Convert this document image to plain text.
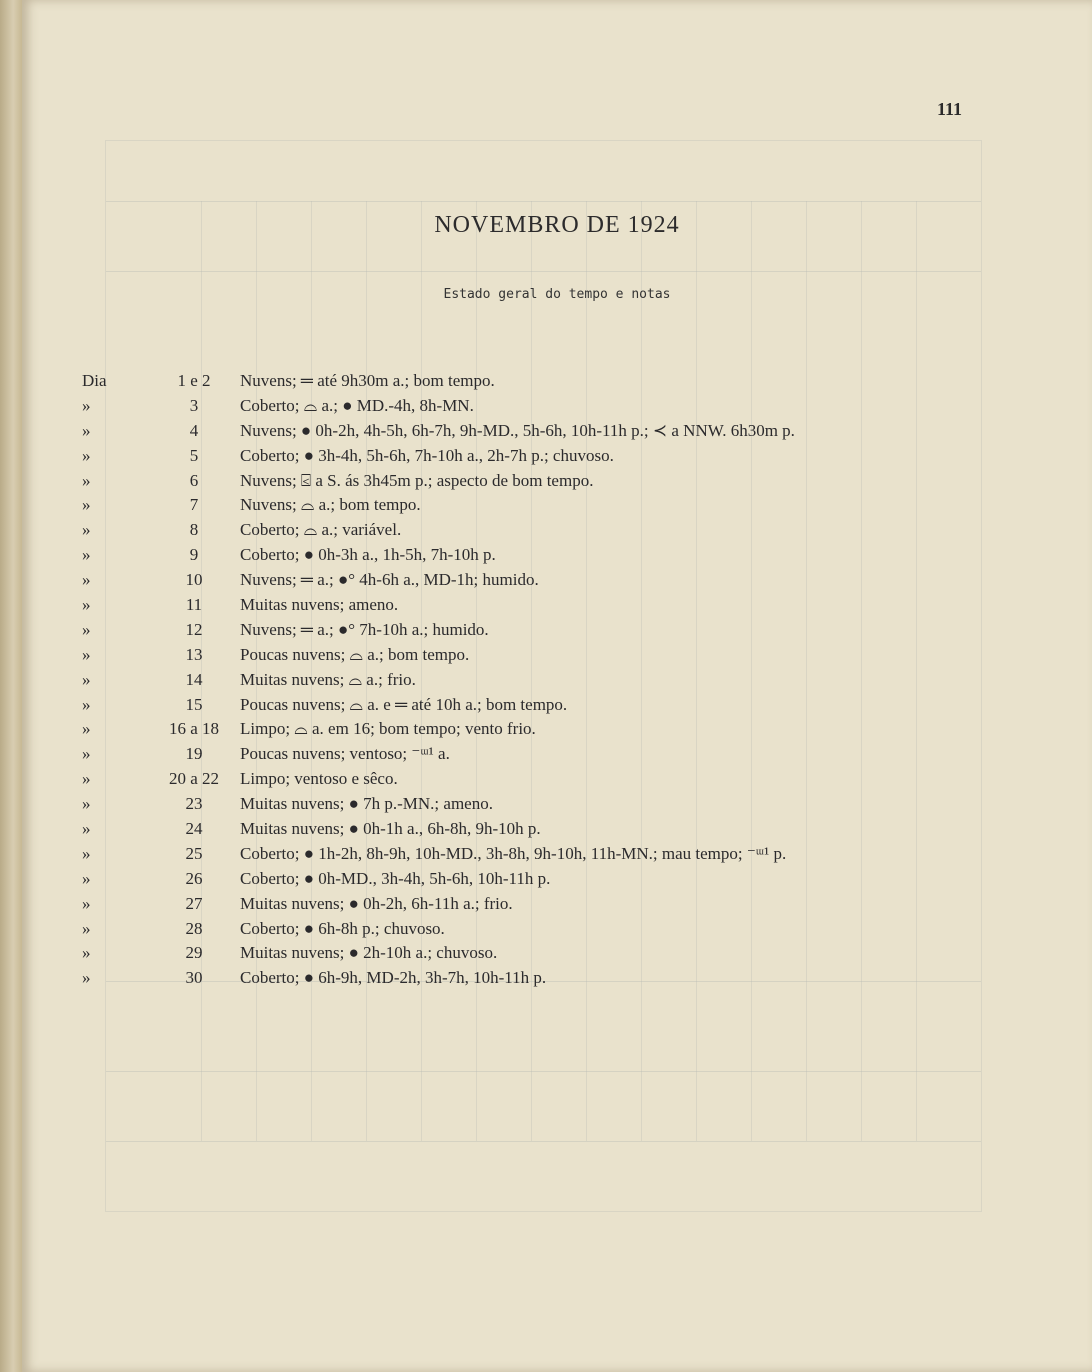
111
NOVEMBRO DE 1924
Estado geral do tempo e notas
Dia	1 e 2	Nuvens; ═ até 9h30m a.; bom tempo.
»	3	Coberto; ⌓ a.; ● MD.-4h, 8h-MN.
»	4	Nuvens; ● 0h-2h, 4h-5h, 6h-7h, 9h-MD., 5h-6h, 10h-11h p.; ≺ a NNW. 6h30m p.
»	5	Coberto; ● 3h-4h, 5h-6h, 7h-10h a., 2h-7h p.; chuvoso.
»	6	Nuvens; ⍃ a S. ás 3h45m p.; aspecto de bom tempo.
»	7	Nuvens; ⌓ a.; bom tempo.
»	8	Coberto; ⌓ a.; variável.
»	9	Coberto; ● 0h-3h a., 1h-5h, 7h-10h p.
»	10	Nuvens; ═ a.; ●° 4h-6h a., MD-1h; humido.
»	11	Muitas nuvens; ameno.
»	12	Nuvens; ═ a.; ●° 7h-10h a.; humido.
»	13	Poucas nuvens; ⌓ a.; bom tempo.
»	14	Muitas nuvens; ⌓ a.; frio.
»	15	Poucas nuvens; ⌓ a. e ═ até 10h a.; bom tempo.
»	16 a 18	Limpo; ⌓ a. em 16; bom tempo; vento frio.
»	19	Poucas nuvens; ventoso; ⁻ᵚ¹ a.
»	20 a 22	Limpo; ventoso e sêco.
»	23	Muitas nuvens; ● 7h p.-MN.; ameno.
»	24	Muitas nuvens; ● 0h-1h a., 6h-8h, 9h-10h p.
»	25	Coberto; ● 1h-2h, 8h-9h, 10h-MD., 3h-8h, 9h-10h, 11h-MN.; mau tempo; ⁻ᵚ¹ p.
»	26	Coberto; ● 0h-MD., 3h-4h, 5h-6h, 10h-11h p.
»	27	Muitas nuvens; ● 0h-2h, 6h-11h a.; frio.
»	28	Coberto; ● 6h-8h p.; chuvoso.
»	29	Muitas nuvens; ● 2h-10h a.; chuvoso.
»	30	Coberto; ● 6h-9h, MD-2h, 3h-7h, 10h-11h p.
